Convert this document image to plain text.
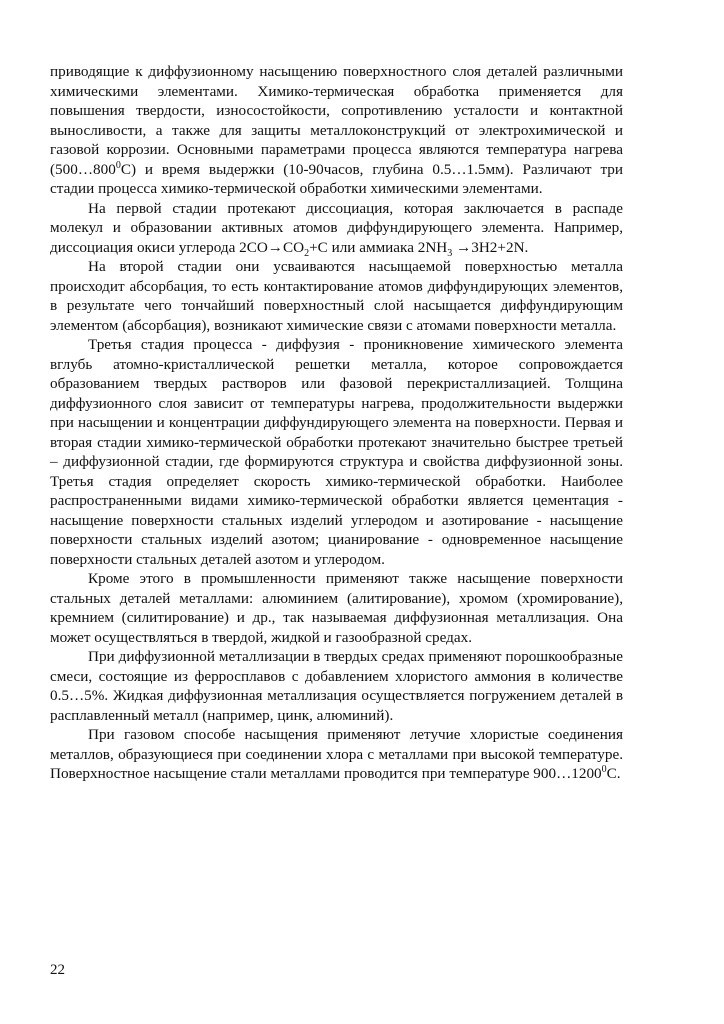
приводящие к диффузионному насыщению поверхностного слоя деталей различными химическими элементами. Химико-термическая обработка применяется для повышения твердости, износостойкости, сопротивлению усталости и контактной выносливости, а также для защиты металлоконструкций от электрохимической и газовой коррозии. Основными параметрами процесса являются температура нагрева $(500\dots 800^0С)$ и время выдержки (10-90часов, глубина 0.5…1.5мм). Различают три стадии процесса химико-термической обработки химическими элементами.

На первой стадии протекают диссоциация, которая заключается в распаде молекул и образовании активных атомов диффундирующего элемента. Например, диссоциация окиси углерода $2CO\to CO_2+C$ или аммиака $2NH_3 \to 3H2+2N$.

На второй стадии они усваиваются насыщаемой поверхностью металла происходит абсорбация, то есть контактирование атомов диффундирующих элементов, в результате чего тончайший поверхностный слой насыщается диффундирующим элементом (абсорбация), возникают химические связи с атомами поверхности металла.

Третья стадия процесса - диффузия - проникновение химического элемента вглубь атомно-кристаллической решетки металла, которое сопровождается образованием твердых растворов или фазовой перекристаллизацией. Толщина диффузионного слоя зависит от температуры нагрева, продолжительности выдержки при насыщении и концентрации диффундирующего элемента на поверхности. Первая и вторая стадии химико-термической обработки протекают значительно быстрее третьей – диффузионной стадии, где формируются структура и свойства диффузионной зоны. Третья стадия определяет скорость химико-термической обработки. Наиболее распространенными видами химико-термической обработки является цементация - насыщение поверхности стальных изделий углеродом и азотирование - насыщение поверхности стальных изделий азотом; цианирование - одновременное насыщение поверхности стальных деталей азотом и углеродом.

Кроме этого в промышленности применяют также насыщение поверхности стальных деталей металлами: алюминием (алитирование), хромом (хромирование), кремнием (силитирование) и др., так называемая диффузионная металлизация. Она может осуществляться в твердой, жидкой и газообразной средах.

При диффузионной металлизации в твердых средах применяют порошкообразные смеси, состоящие из ферросплавов с добавлением хлористого аммония в количестве 0.5…5%. Жидкая диффузионная металлизация осуществляется погружением деталей в расплавленный металл (например, цинк, алюминий).

При газовом способе насыщения применяют летучие хлористые соединения металлов, образующиеся при соединении хлора с металлами при высокой температуре. Поверхностное насыщение стали металлами проводится при температуре 900…1200$^0$С.

22
